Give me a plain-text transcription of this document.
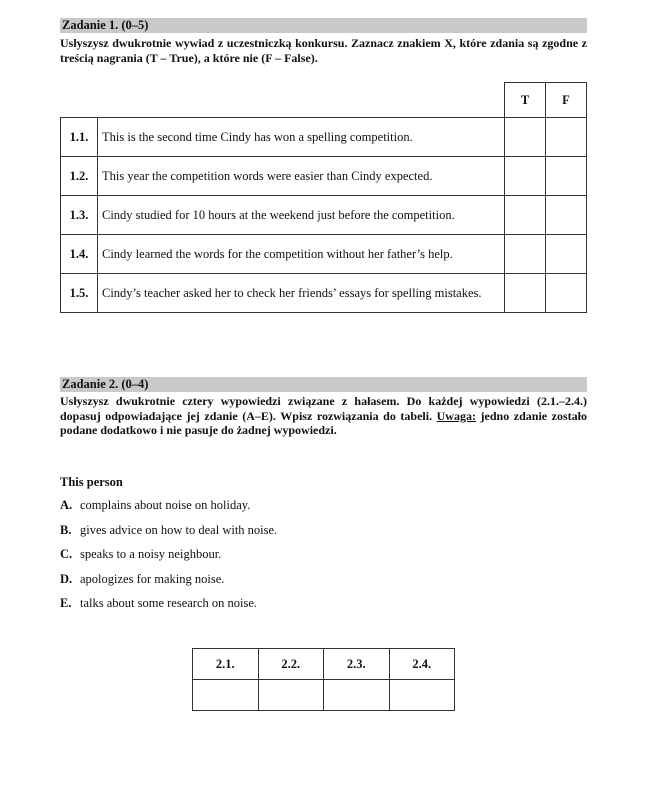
Zadanie 1. (0–5)
Usłyszysz dwukrotnie wywiad z uczestniczką konkursu. Zaznacz znakiem X, które zdania są zgodne z treścią nagrania (T – True), a które nie (F – False).
		T	F
1.1.	This is the second time Cindy has won a spelling competition.		
1.2.	This year the competition words were easier than Cindy expected.		
1.3.	Cindy studied for 10 hours at the weekend just before the competition.		
1.4.	Cindy learned the words for the competition without her father’s help.		
1.5.	Cindy’s teacher asked her to check her friends’ essays for spelling mistakes.		
Zadanie 2. (0–4)
Usłyszysz dwukrotnie cztery wypowiedzi związane z hałasem. Do każdej wypowiedzi (2.1.–2.4.) dopasuj odpowiadające jej zdanie (A–E). Wpisz rozwiązania do tabeli. Uwaga: jedno zdanie zostało podane dodatkowo i nie pasuje do żadnej wypowiedzi.
This person
A. complains about noise on holiday.
B. gives advice on how to deal with noise.
C. speaks to a noisy neighbour.
D. apologizes for making noise.
E. talks about some research on noise.
2.1.	2.2.	2.3.	2.4.
